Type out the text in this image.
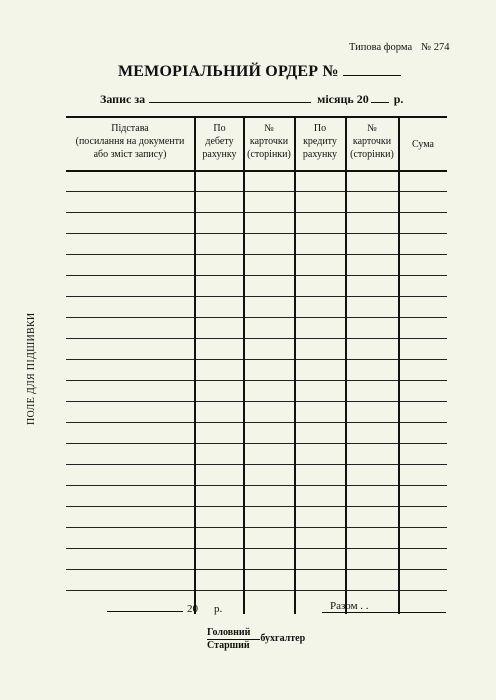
Типова форма № 274
МЕМОРІАЛЬНИЙ ОРДЕР №
Запис за	місяць 20 р.
Підстава
(посилання на документи
або зміст запису)
По
дебету
рахунку
№
карточки
(сторінки)
По
кредиту
рахунку
№
карточки
(сторінки)
Сума
ПОЛЕ ДЛЯ ПІДШИВКИ
20 р.	Разом . .
$\frac{\text{Головний}}{\text{Старший}}$ бухгалтер
